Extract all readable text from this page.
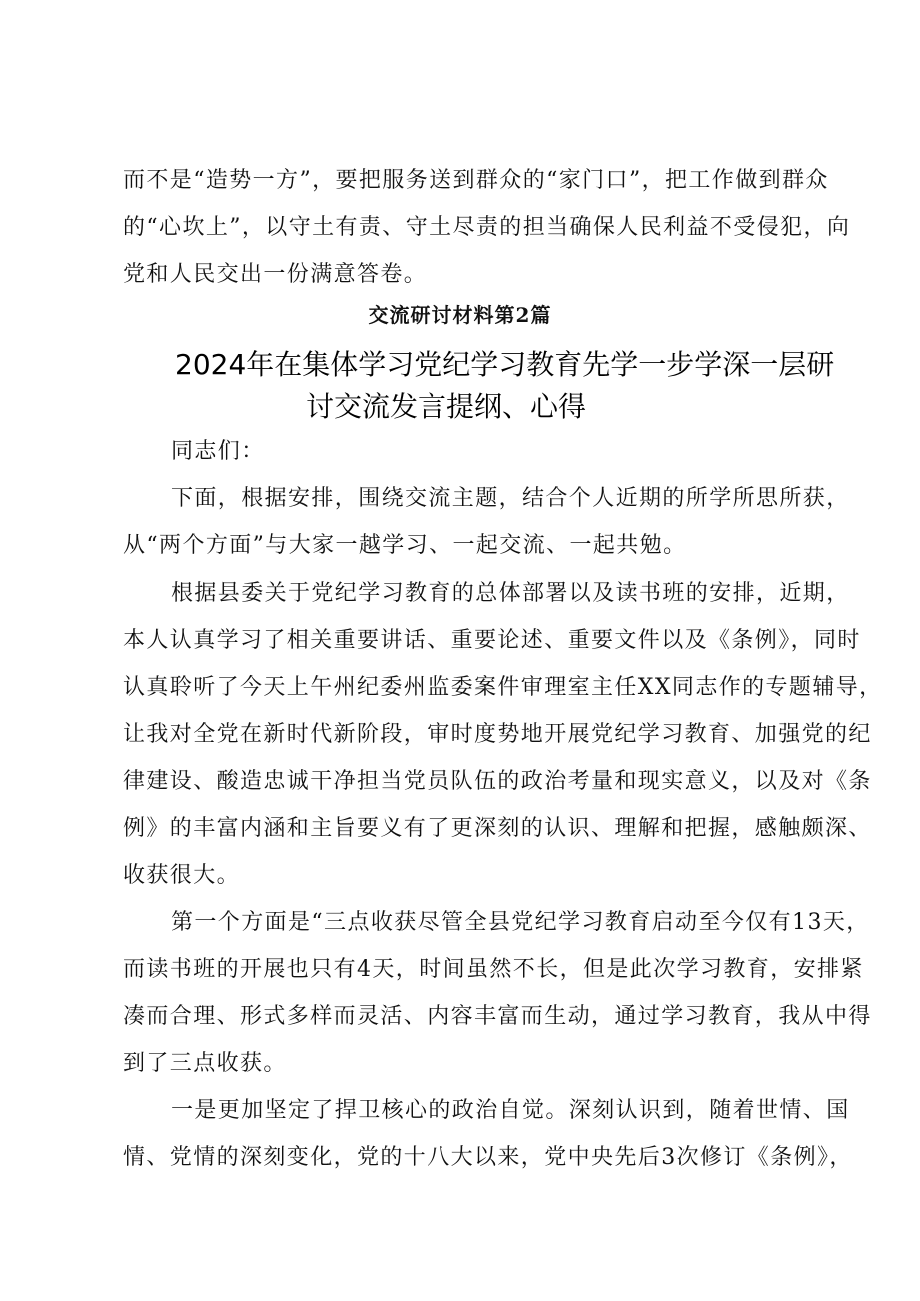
而不是“造势一方”，要把服务送到群众的“家门口”，把工作做到群众
的“心坎上”，以守土有责、守土尽责的担当确保人民利益不受侵犯，向
党和人民交出一份满意答卷。
交流研讨材料第2篇
2024年在集体学习党纪学习教育先学一步学深一层研
讨交流发言提纲、心得
同志们：
下面，根据安排，围绕交流主题，结合个人近期的所学所思所获，
从“两个方面”与大家一越学习、一起交流、一起共勉。
根据县委关于党纪学习教育的总体部署以及读书班的安排，近期，
本人认真学习了相关重要讲话、重要论述、重要文件以及《条例》，同时
认真聆听了今天上午州纪委州监委案件审理室主任XX同志作的专题辅导，
让我对全党在新时代新阶段，审时度势地开展党纪学习教育、加强党的纪
律建设、酸造忠诚干净担当党员队伍的政治考量和现实意义，以及对《条
例》的丰富内涵和主旨要义有了更深刻的认识、理解和把握，感触颇深、
收获很大。
第一个方面是“三点收获尽管全县党纪学习教育启动至今仅有13天，
而读书班的开展也只有4天，时间虽然不长，但是此次学习教育，安排紧
凑而合理、形式多样而灵活、内容丰富而生动，通过学习教育，我从中得
到了三点收获。
一是更加坚定了捍卫核心的政治自觉。深刻认识到，随着世情、国
情、党情的深刻变化，党的十八大以来，党中央先后3次修订《条例》，
